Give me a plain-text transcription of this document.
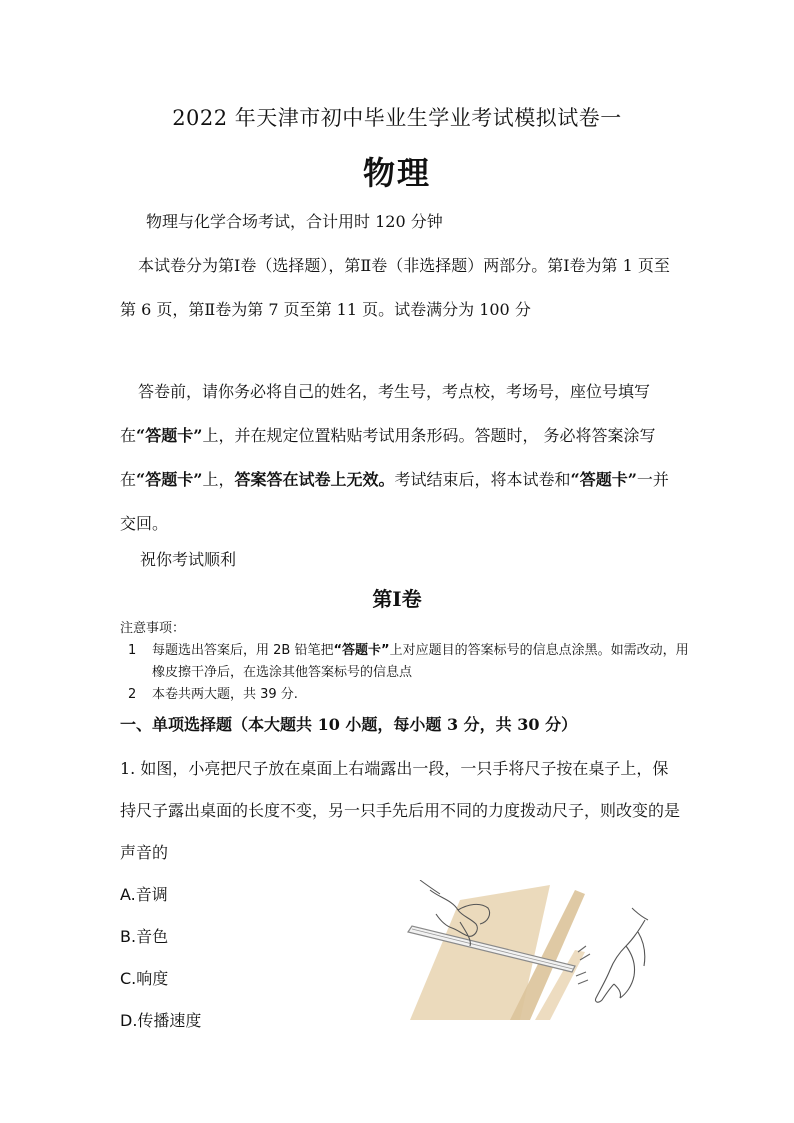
2022 年天津市初中毕业生学业考试模拟试卷一
物理
物理与化学合场考试，合计用时 120 分钟
本试卷分为第Ⅰ卷（选择题），第Ⅱ卷（非选择题）两部分。第Ⅰ卷为第 1 页至第 6 页，第Ⅱ卷为第 7 页至第 11 页。试卷满分为 100 分
答卷前，请你务必将自己的姓名，考生号，考点校，考场号，座位号填写在“答题卡”上，并在规定位置粘贴考试用条形码。答题时， 务必将答案涂写在“答题卡”上，答案答在试卷上无效。考试结束后，将本试卷和“答题卡”一并交回。
祝你考试顺利
第Ⅰ卷
注意事项：
1 每题选出答案后，用 2B 铅笔把“答题卡”上对应题目的答案标号的信息点涂黑。如需改动，用橡皮擦干净后，在选涂其他答案标号的信息点
2 本卷共两大题，共 39 分.
一、单项选择题（本大题共 10 小题，每小题 3 分，共 30 分）
1. 如图，小亮把尺子放在桌面上右端露出一段，一只手将尺子按在桌子上，保持尺子露出桌面的长度不变，另一只手先后用不同的力度拨动尺子，则改变的是声音的
A.音调
B.音色
C.响度
D.传播速度
